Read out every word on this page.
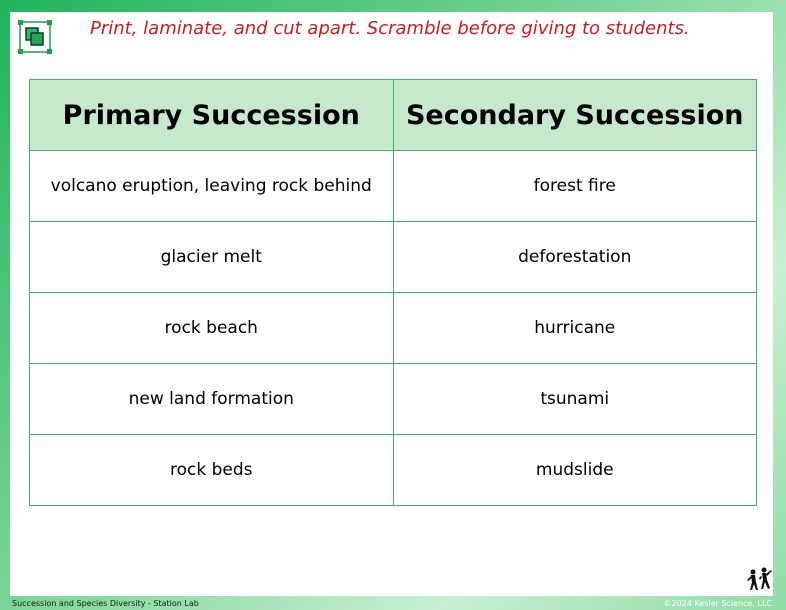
Print, laminate, and cut apart. Scramble before giving to students.

Primary Succession	Secondary Succession
volcano eruption, leaving rock behind	forest fire
glacier melt	deforestation
rock beach	hurricane
new land formation	tsunami
rock beds	mudslide
Succession and Species Diversity - Station Lab	©2024 Kesler Science, LLC
